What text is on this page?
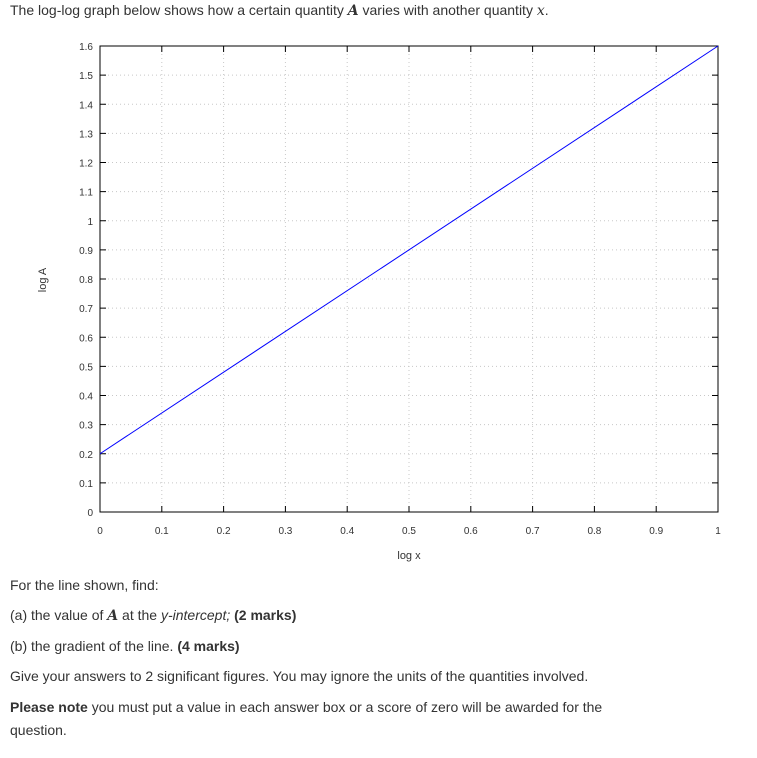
The log-log graph below shows how a certain quantity A varies with another quantity x.
0
0.1
0.2
0.3
0.4
0.5
0.6
0.7
0.8
0.9
1
1.1
1.2
1.3
1.4
1.5
1.6
0	0.1	0.2	0.3	0.4	0.5	0.6	0.7	0.8	0.9	1
log x
log A
For the line shown, find:
(a) the value of A at the y-intercept; (2 marks)
(b) the gradient of the line. (4 marks)
Give your answers to 2 significant figures. You may ignore the units of the quantities involved.
Please note you must put a value in each answer box or a score of zero will be awarded for the
question.
